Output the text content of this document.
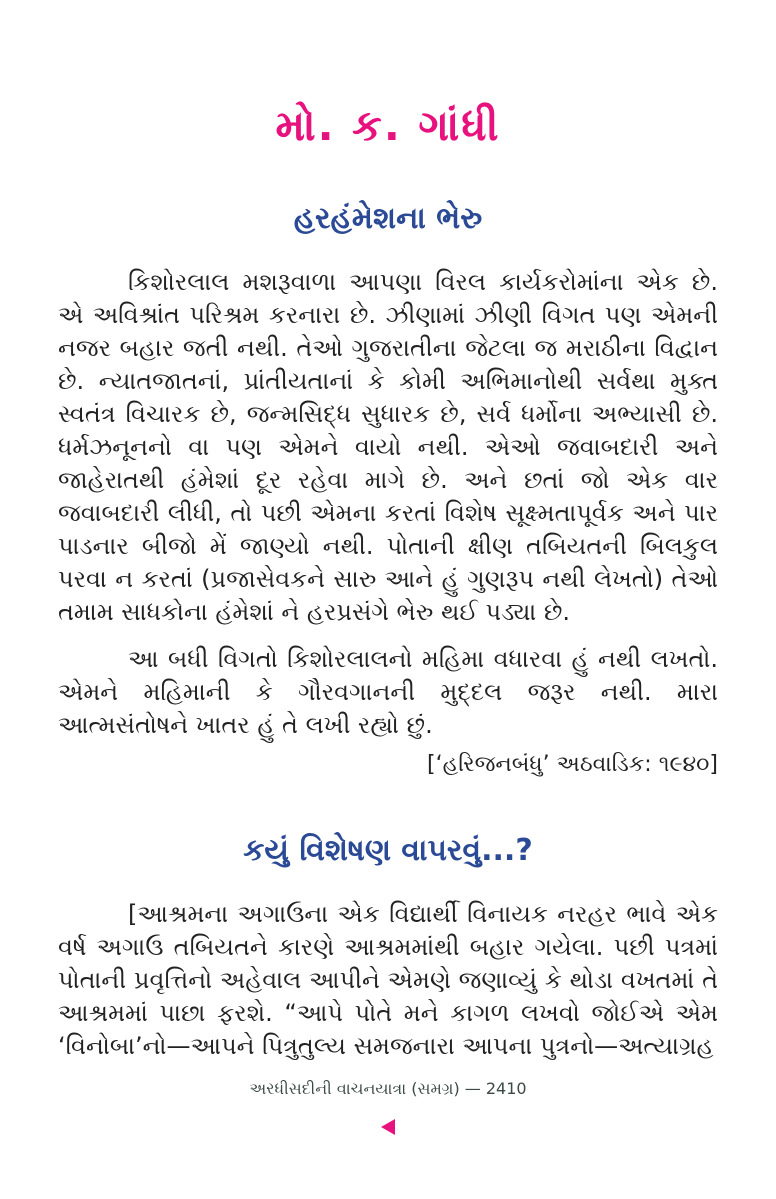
મો. ક. ગાંધી
હરહંમેશના ભેરુ

કિશોરલાલ મશરૂવાળા આપણા વિરલ કાર્યકરોમાંના એક છે. એ અવિશ્રાંત પરિશ્રમ કરનારા છે. ઝીણામાં ઝીણી વિગત પણ એમની નજર બહાર જતી નથી. તેઓ ગુજરાતીના જેટલા જ મરાઠીના વિદ્વાન છે. ન્યાતજાતનાં, પ્રાંતીયતાનાં કે કોમી અભિમાનોથી સર્વથા મુક્ત સ્વતંત્ર વિચારક છે, જન્મસિદ્ધ સુધારક છે, સર્વ ધર્મોના અભ્યાસી છે. ધર્મઝનૂનનો વા પણ એમને વાયો નથી. એઓ જવાબદારી અને જાહેરાતથી હંમેશાં દૂર રહેવા માગે છે. અને છતાં જો એક વાર જવાબદારી લીધી, તો પછી એમના કરતાં વિશેષ સૂક્ષ્મતાપૂર્વક અને પાર પાડનાર બીજો મેં જાણ્યો નથી. પોતાની ક્ષીણ તબિયતની બિલકુલ પરવા ન કરતાં (પ્રજાસેવકને સારુ આને હું ગુણરૂપ નથી લેખતો) તેઓ તમામ સાધકોના હંમેશાં ને હરપ્રસંગે ભેરુ થઈ પડ્યા છે.

આ બધી વિગતો કિશોરલાલનો મહિમા વધારવા હું નથી લખતો. એમને મહિમાની કે ગૌરવગાનની મુદ્દલ જરૂર નથી. મારા આત્મસંતોષને ખાતર હું તે લખી રહ્યો છું.

[‘હરિજનબંધુ’ અઠવાડિક: ૧૯૪૦]

કયું વિશેષણ વાપરવું...?

[આશ્રમના અગાઉના એક વિદ્યાર્થી વિનાયક નરહર ભાવે એક વર્ષ અગાઉ તબિયતને કારણે આશ્રમમાંથી બહાર ગયેલા. પછી પત્રમાં પોતાની પ્રવૃત્તિનો અહેવાલ આપીને એમણે જણાવ્યું કે થોડા વખતમાં તે આશ્રમમાં પાછા ફરશે. “આપે પોતે મને કાગળ લખવો જોઈએ એમ ‘વિનોબા’નો—આપને પિત્રુતુલ્ય સમજનારા આપના પુત્રનો—અત્યાગ્રહ

અરધીસદીની વાચનયાત્રા (સમગ્ર) — 2410
